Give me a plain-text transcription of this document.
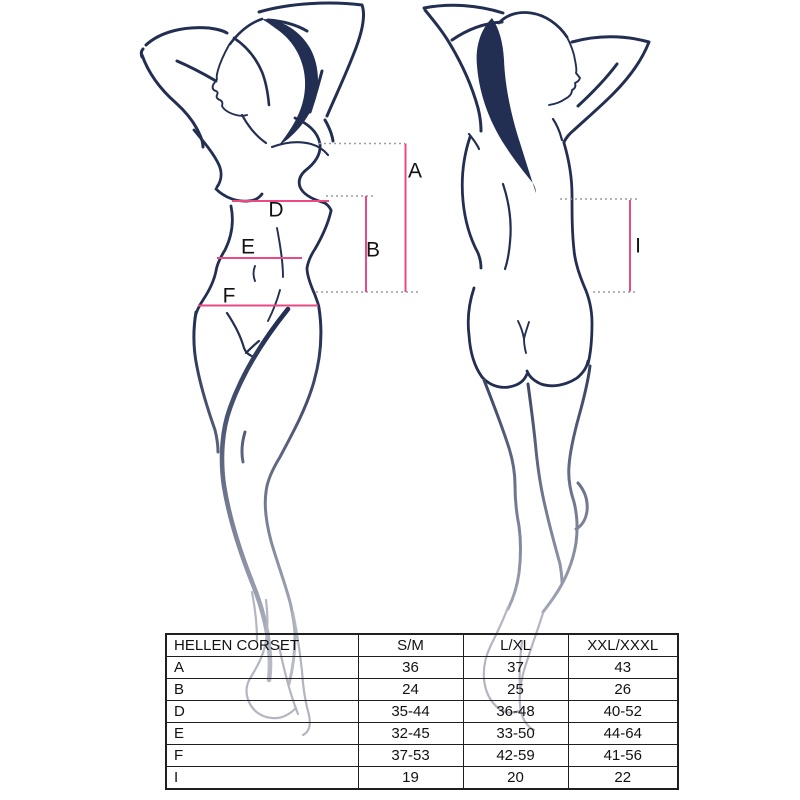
A
B
D
E
F
I
HELLEN CORSET	S/M	L/XL	XXL/XXXL
A	36	37	43
B	24	25	26
D	35-44	36-48	40-52
E	32-45	33-50	44-64
F	37-53	42-59	41-56
I	19	20	22
